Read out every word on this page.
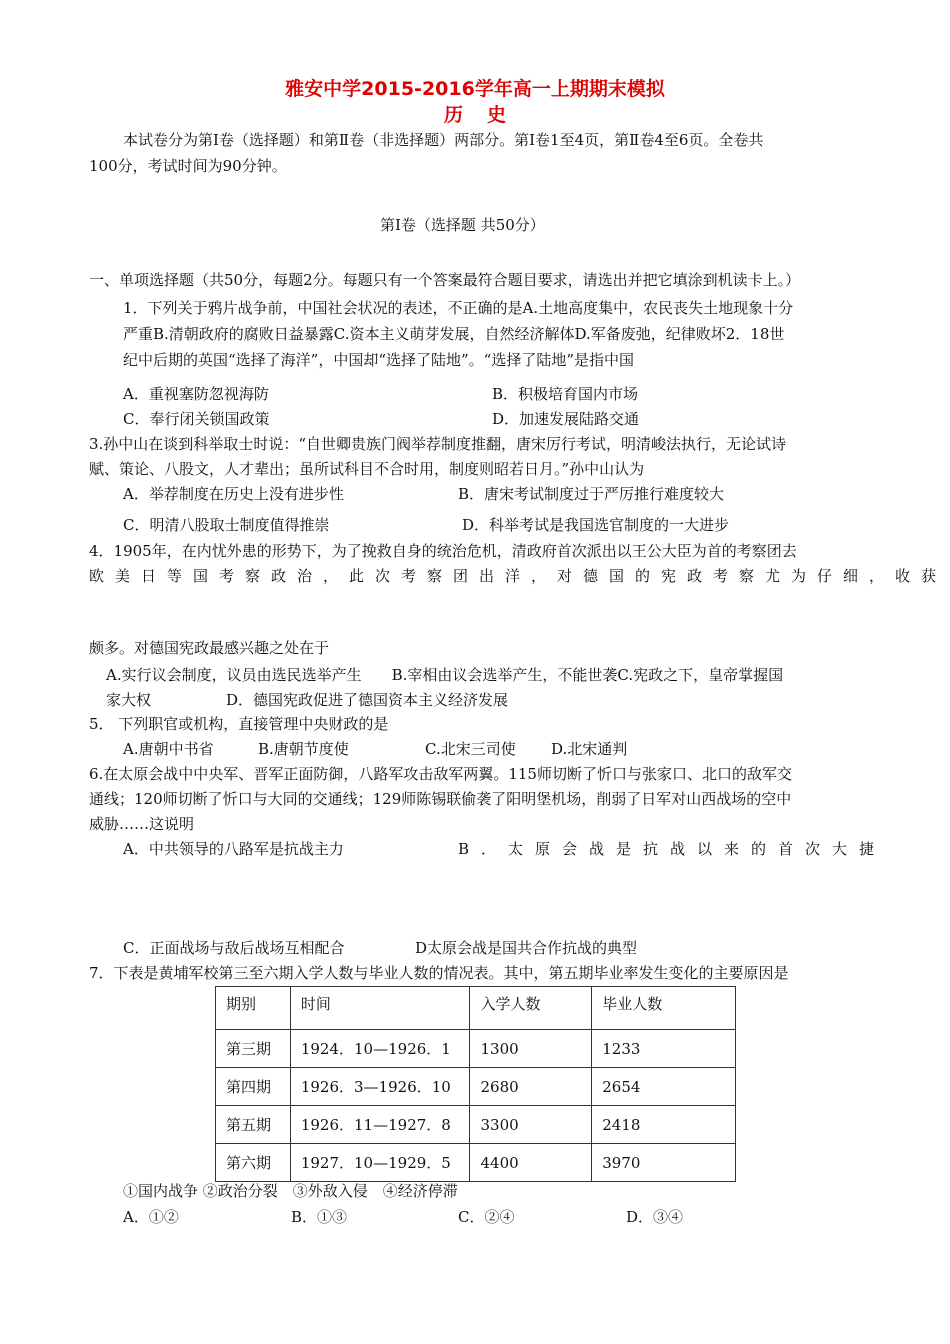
雅安中学2015-2016学年高一上期期末模拟
历史
本试卷分为第Ⅰ卷（选择题）和第Ⅱ卷（非选择题）两部分。第Ⅰ卷1至4页，第Ⅱ卷4至6页。全卷共
100分，考试时间为90分钟。
第Ⅰ卷（选择题 共50分）
一、单项选择题（共50分，每题2分。每题只有一个答案最符合题目要求，请选出并把它填涂到机读卡上。）
1．下列关于鸦片战争前，中国社会状况的表述，不正确的是A.土地高度集中，农民丧失土地现象十分
严重B.清朝政府的腐败日益暴露C.资本主义萌芽发展，自然经济解体D.军备废弛，纪律败坏2．18世
纪中后期的英国“选择了海洋”，中国却“选择了陆地”。“选择了陆地”是指中国
A．重视塞防忽视海防	B．积极培育国内市场
C．奉行闭关锁国政策	D．加速发展陆路交通
3.孙中山在谈到科举取士时说：“自世卿贵族门阀举荐制度推翻，唐宋厉行考试，明清峻法执行，无论试诗
赋、策论、八股文，人才辈出；虽所试科目不合时用，制度则昭若日月。”孙中山认为
A．举荐制度在历史上没有进步性	B．唐宋考试制度过于严厉推行难度较大
C．明清八股取士制度值得推崇	D．科举考试是我国选官制度的一大进步
4．1905年，在内忧外患的形势下，为了挽救自身的统治危机，清政府首次派出以王公大臣为首的考察团去
欧美日等国考察政治，此次考察团出洋，对德国的宪政考察尤为仔细，收获
颇多。对德国宪政最感兴趣之处在于
A.实行议会制度，议员由选民选举产生　　B.宰相由议会选举产生，不能世袭C.宪政之下，皇帝掌握国
家大权　　　　　D．德国宪政促进了德国资本主义经济发展
5． 下列职官或机构，直接管理中央财政的是
A.唐朝中书省	B.唐朝节度使	C.北宋三司使 D.北宋通判
6.在太原会战中中央军、晋军正面防御，八路军攻击敌军两翼。115师切断了忻口与张家口、北口的敌军交
通线；120师切断了忻口与大同的交通线；129师陈锡联偷袭了阳明堡机场，削弱了日军对山西战场的空中
威胁……这说明
A．中共领导的八路军是抗战主力	B．太原会战是抗战以来的首次大捷
C．正面战场与敌后战场互相配合	D太原会战是国共合作抗战的典型
7．下表是黄埔军校第三至六期入学人数与毕业人数的情况表。其中，第五期毕业率发生变化的主要原因是
期别	时间	入学人数	毕业人数
第三期	1924．10—1926．1	1300	1233
第四期	1926．3—1926．10	2680	2654
第五期	1926．11—1927．8	3300	2418
第六期	1927．10—1929．5	4400	3970
①国内战争 ②政治分裂　③外敌入侵　④经济停滞
A．①②	B．①③	C．②④	D．③④
